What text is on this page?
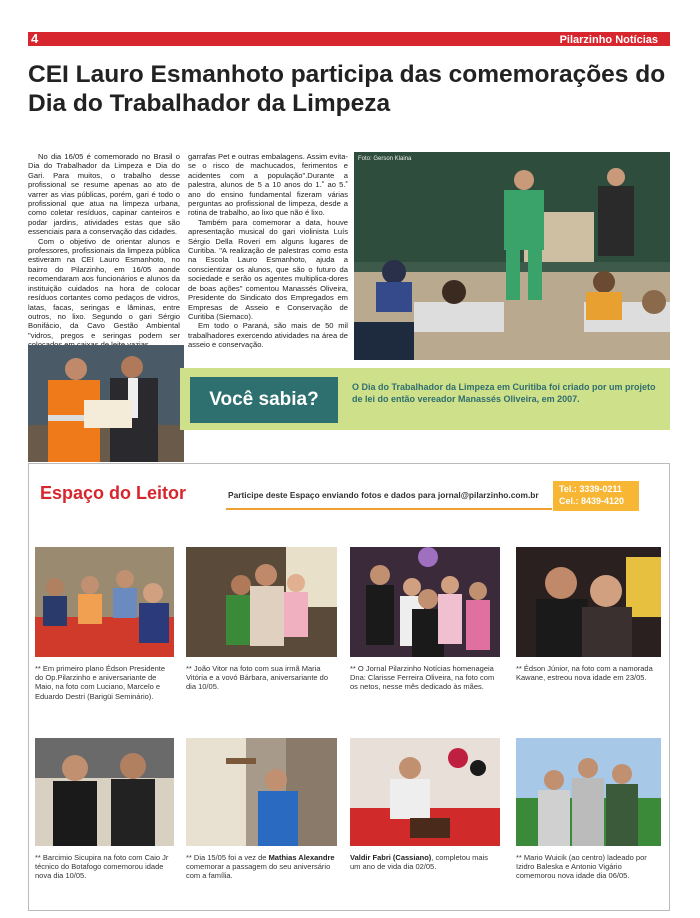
4	Pilarzinho Notícias
CEI Lauro Esmanhoto participa das comemorações do Dia do Trabalhador da Limpeza

No dia 16/05 é comemorado no Brasil o Dia do Trabalhador da Limpeza e Dia do Gari. Para muitos, o trabalho desse profissional se resume apenas ao ato de varrer as vias públicas, porém, gari é todo o profissional que atua na limpeza urbana, como coletar resíduos, capinar canteiros e podar jardins, atividades estas que são essenciais para a conservação das cidades.

Com o objetivo de orientar alunos e professores, profissionais da limpeza pública estiveram na CEI Lauro Esmanhoto, no bairro do Pilarzinho, em 16/05 aonde recomendaram aos funcionários e alunos da instituição cuidados na hora de colocar resíduos cortantes como pedaços de vidros, latas, facas, seringas e lâminas, entre outros, no lixo. Segundo o gari Sérgio Bonifácio, da Cavo Gestão Ambiental "vidros, pregos e seringas podem ser

garrafas Pet e outras embalagens. Assim evita-se o risco de machucados, ferimentos e acidentes com a população".Durante a palestra, alunos de 5 a 10 anos do 1.˚ ao 5.˚ ano do ensino fundamental fizeram várias perguntas ao profissional de limpeza, desde a rotina de trabalho, ao lixo que não é lixo.

Também para comemorar a data, houve apresentação musical do gari violinista Luís Sérgio Della Roveri em alguns lugares de Curitiba. "A realização de palestras como esta na Escola Lauro Esmanhoto, ajuda a conscientizar os alunos, que são o futuro da sociedade e serão os agentes multiplica-dores de boas ações" comentou Manassés Oliveira, Presidente do Sindicato dos Empregados em Empresas de Asseio e Conservação de Curitiba (Siemaco).

Em todo o Paraná, são mais de 50 mil trabalhadores exercendo atividades na área de asseio e conservação.

Foto: Gerson Klaina
Você sabia?
O Dia do Trabalhador da Limpeza em Curitiba foi criado por um projeto de lei do então vereador Manassés Oliveira, em 2007.
Espaço do Leitor	Participe deste Espaço enviando fotos e dados para jornal@pilarzinho.com.br
Tel.: 3339-0211
Cel.: 8439-4120
** Em primeiro plano Édson Presidente do Op.Pilarzinho e aniversariante de Maio, na foto com Luciano, Marcelo e Eduardo Destri (Barigüi Seminário).
** João Vitor na foto com sua irmã Maria Vitória e a vovó Bárbara, aniversariante do dia 10/05.
** O Jornal Pilarzinho Notícias homenageia Dna: Clarisse Ferreira Oliveira, na foto com os netos, nesse mês dedicado às mães.
** Édson Júnior, na foto com a namorada Kawane, estreou nova idade em 23/05.
** Barcimio Sicupira na foto com Caio Jr técnico do Botafogo comemorou idade nova dia 10/05.
** Dia 15/05 foi a vez de Mathias Alexandre comemorar a passagem do seu aniversário com a família.
Valdir Fabri (Cassiano), completou mais um ano de vida dia 02/05.
** Mario Wuicik (ao centro) ladeado por Izidro Baleska e Antonio Vigário comemorou nova idade dia 06/05.
